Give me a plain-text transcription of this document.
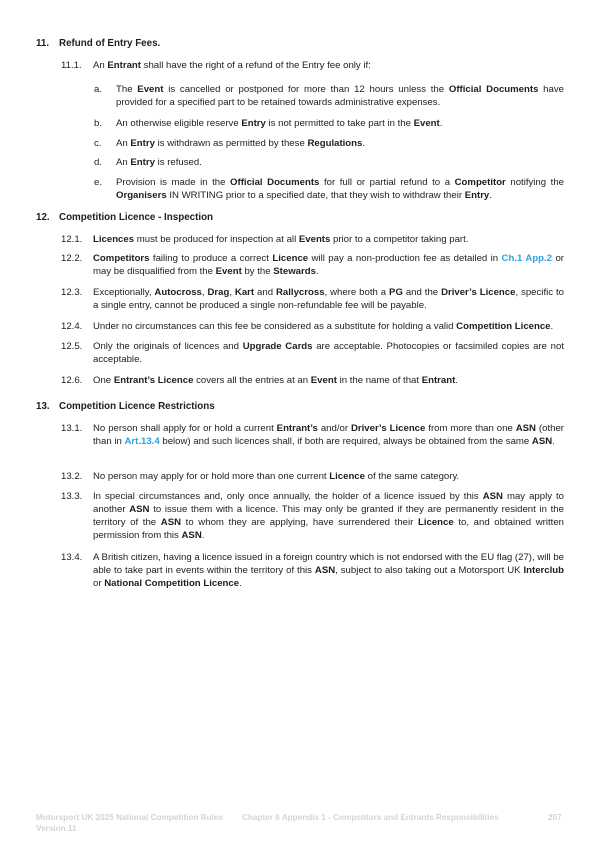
11. Refund of Entry Fees.
11.1.	An Entrant shall have the right of a refund of the Entry fee only if:
a. The Event is cancelled or postponed for more than 12 hours unless the Official Documents have provided for a specified part to be retained towards administrative expenses.
b. An otherwise eligible reserve Entry is not permitted to take part in the Event.
c. An Entry is withdrawn as permitted by these Regulations.
d. An Entry is refused.
e. Provision is made in the Official Documents for full or partial refund to a Competitor notifying the Organisers IN WRITING prior to a specified date, that they wish to withdraw their Entry.
12. Competition Licence - Inspection
12.1.	Licences must be produced for inspection at all Events prior to a competitor taking part.
12.2.	Competitors failing to produce a correct Licence will pay a non-production fee as detailed in Ch.1 App.2 or may be disqualified from the Event by the Stewards.
12.3.	Exceptionally, Autocross, Drag, Kart and Rallycross, where both a PG and the Driver’s Licence, specific to a single entry, cannot be produced a single non-refundable fee will be payable.
12.4.	Under no circumstances can this fee be considered as a substitute for holding a valid Competition Licence.
12.5.	Only the originals of licences and Upgrade Cards are acceptable. Photocopies or facsimiled copies are not acceptable.
12.6.	One Entrant’s Licence covers all the entries at an Event in the name of that Entrant.
13. Competition Licence Restrictions
13.1.	No person shall apply for or hold a current Entrant’s and/or Driver’s Licence from more than one ASN (other than in Art.13.4 below) and such licences shall, if both are required, always be obtained from the same ASN.
13.2.	No person may apply for or hold more than one current Licence of the same category.
13.3.	In special circumstances and, only once annually, the holder of a licence issued by this ASN may apply to another ASN to issue them with a licence. This may only be granted if they are permanently resident in the territory of the ASN to whom they are applying, have surrendered their Licence to, and obtained written permission from this ASN.
13.4.	A British citizen, having a licence issued in a foreign country which is not endorsed with the EU flag (27), will be able to take part in events within the territory of this ASN, subject to also taking out a Motorsport UK Interclub or National Competition Licence.
Motorsport UK 2025 National Competition Rules
Version 11
Chapter 6 Appendix 1 - Competitors and Entrants Responsibilities	207
